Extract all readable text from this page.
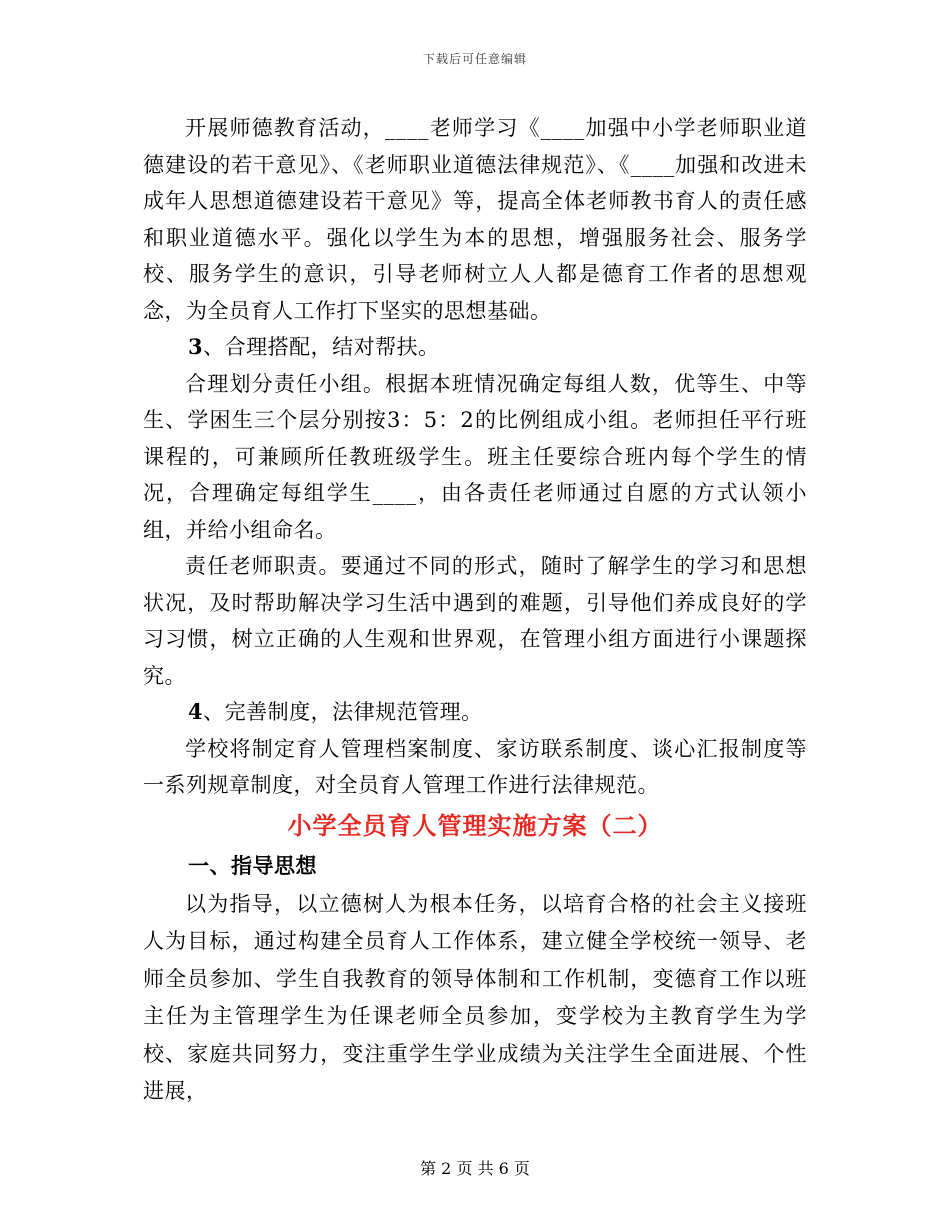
下载后可任意编辑

开展师德教育活动，____老师学习《____加强中小学老师职业道德建设的若干意见》、《老师职业道德法律规范》、《____加强和改进未成年人思想道德建设若干意见》等，提高全体老师教书育人的责任感和职业道德水平。强化以学生为本的思想，增强服务社会、服务学校、服务学生的意识，引导老师树立人人都是德育工作者的思想观念，为全员育人工作打下坚实的思想基础。

3、合理搭配，结对帮扶。

合理划分责任小组。根据本班情况确定每组人数，优等生、中等生、学困生三个层分别按3：5：2的比例组成小组。老师担任平行班课程的，可兼顾所任教班级学生。班主任要综合班内每个学生的情况，合理确定每组学生____，由各责任老师通过自愿的方式认领小组，并给小组命名。

责任老师职责。要通过不同的形式，随时了解学生的学习和思想状况，及时帮助解决学习生活中遇到的难题，引导他们养成良好的学习习惯，树立正确的人生观和世界观，在管理小组方面进行小课题探究。

4、完善制度，法律规范管理。

学校将制定育人管理档案制度、家访联系制度、谈心汇报制度等一系列规章制度，对全员育人管理工作进行法律规范。

小学全员育人管理实施方案（二）

一、指导思想

以为指导，以立德树人为根本任务，以培育合格的社会主义接班人为目标，通过构建全员育人工作体系，建立健全学校统一领导、老师全员参加、学生自我教育的领导体制和工作机制，变德育工作以班主任为主管理学生为任课老师全员参加，变学校为主教育学生为学校、家庭共同努力，变注重学生学业成绩为关注学生全面进展、个性进展，

第 2 页 共 6 页
